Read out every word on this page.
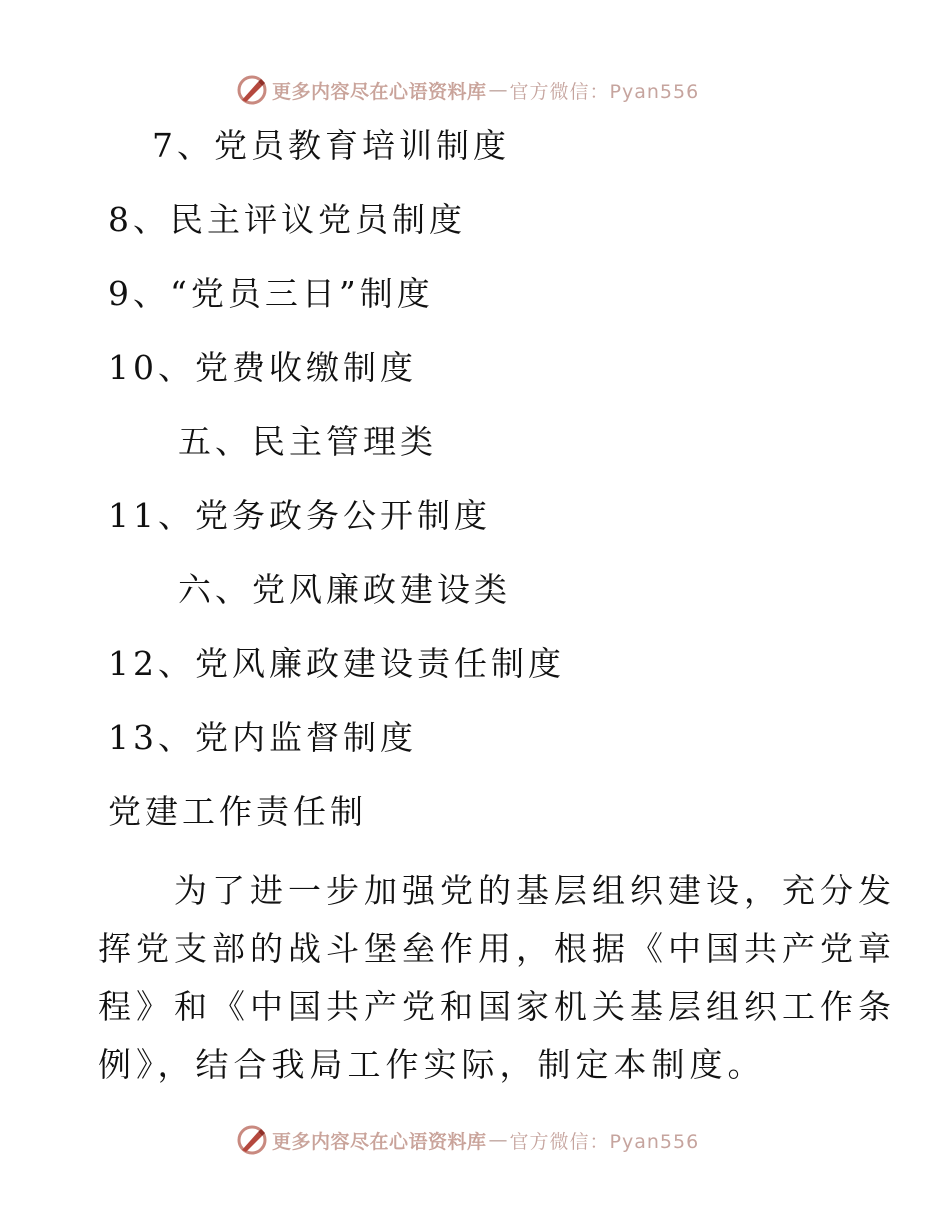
更多内容尽在心语资料库 — 官方微信：Pyan556
7、党员教育培训制度
8、民主评议党员制度
9、“党员三日”制度
10、党费收缴制度
五、民主管理类
11、党务政务公开制度
六、党风廉政建设类
12、党风廉政建设责任制度
13、党内监督制度
党建工作责任制
　　为了进一步加强党的基层组织建设，充分发
挥党支部的战斗堡垒作用，根据《中国共产党章
程》和《中国共产党和国家机关基层组织工作条
例》，结合我局工作实际，制定本制度。
更多内容尽在心语资料库 — 官方微信：Pyan556
